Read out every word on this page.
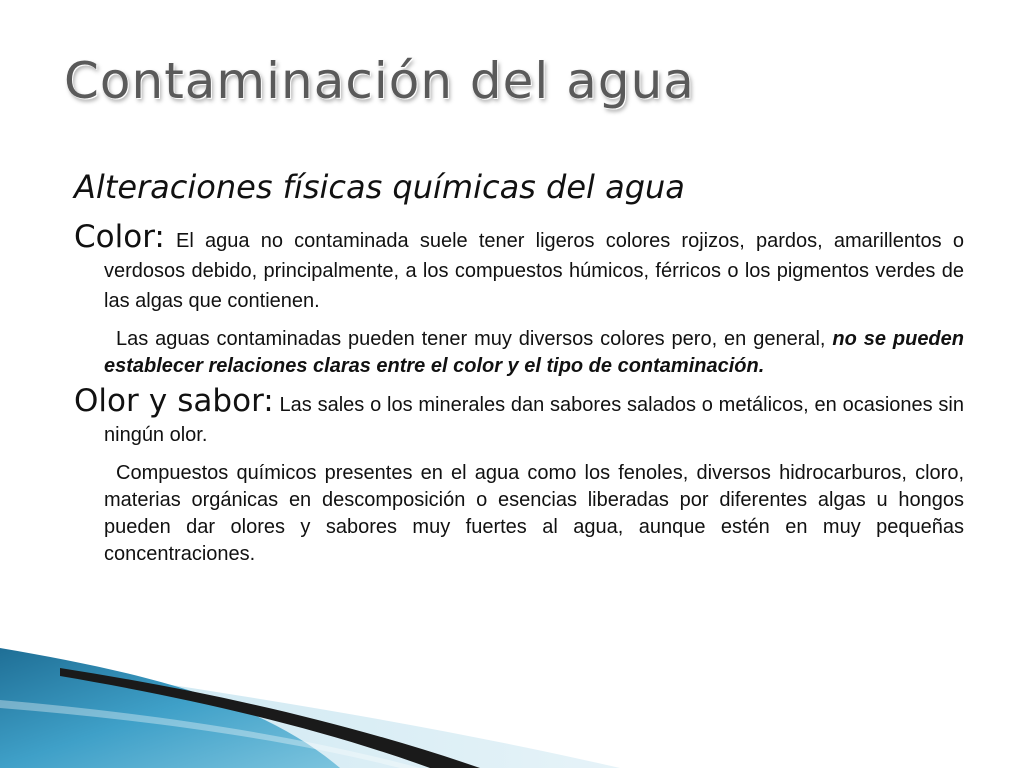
Contaminación del agua
Alteraciones físicas químicas del agua

Color: El agua no contaminada suele tener ligeros colores rojizos, pardos, amarillentos o verdosos debido, principalmente, a los compuestos húmicos, férricos o los pigmentos verdes de las algas que contienen.

Las aguas contaminadas pueden tener muy diversos colores pero, en general, no se pueden establecer relaciones claras entre el color y el tipo de contaminación.

Olor y sabor: Las sales o los minerales dan sabores salados o metálicos, en ocasiones sin ningún olor.

Compuestos químicos presentes en el agua como los fenoles, diversos hidrocarburos, cloro, materias orgánicas en descomposición o esencias liberadas por diferentes algas u hongos pueden dar olores y sabores muy fuertes al agua, aunque estén en muy pequeñas concentraciones.
